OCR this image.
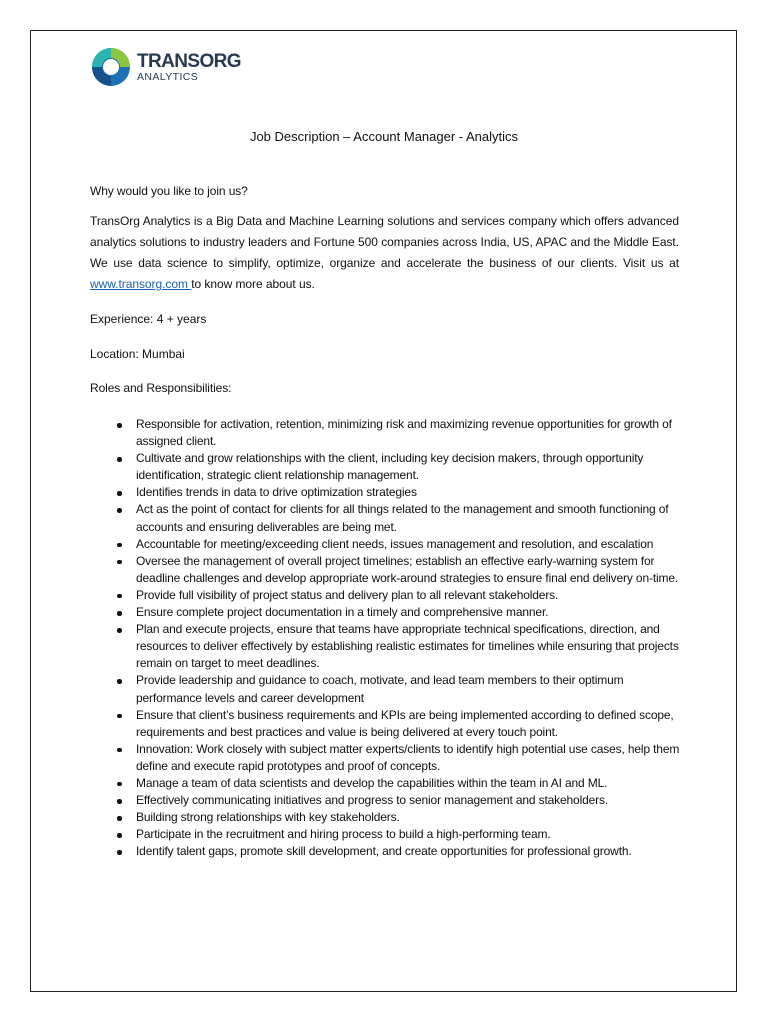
TRANSORG
ANALYTICS
Job Description – Account Manager - Analytics
Why would you like to join us?
TransOrg Analytics is a Big Data and Machine Learning solutions and services company which offers advanced analytics solutions to industry leaders and Fortune 500 companies across India, US, APAC and the Middle East. We use data science to simplify, optimize, organize and accelerate the business of our clients. Visit us at www.transorg.com to know more about us.
Experience: 4 + years
Location: Mumbai
Roles and Responsibilities:
Responsible for activation, retention, minimizing risk and maximizing revenue opportunities for growth of assigned client.
Cultivate and grow relationships with the client, including key decision makers, through opportunity identification, strategic client relationship management.
Identifies trends in data to drive optimization strategies
Act as the point of contact for clients for all things related to the management and smooth functioning of accounts and ensuring deliverables are being met.
Accountable for meeting/exceeding client needs, issues management and resolution, and escalation
Oversee the management of overall project timelines; establish an effective early-warning system for deadline challenges and develop appropriate work-around strategies to ensure final end delivery on-time.
Provide full visibility of project status and delivery plan to all relevant stakeholders.
Ensure complete project documentation in a timely and comprehensive manner.
Plan and execute projects, ensure that teams have appropriate technical specifications, direction, and resources to deliver effectively by establishing realistic estimates for timelines while ensuring that projects remain on target to meet deadlines.
Provide leadership and guidance to coach, motivate, and lead team members to their optimum performance levels and career development
Ensure that client’s business requirements and KPIs are being implemented according to defined scope, requirements and best practices and value is being delivered at every touch point.
Innovation: Work closely with subject matter experts/clients to identify high potential use cases, help them define and execute rapid prototypes and proof of concepts.
Manage a team of data scientists and develop the capabilities within the team in AI and ML.
Effectively communicating initiatives and progress to senior management and stakeholders.
Building strong relationships with key stakeholders.
Participate in the recruitment and hiring process to build a high-performing team.
Identify talent gaps, promote skill development, and create opportunities for professional growth.
